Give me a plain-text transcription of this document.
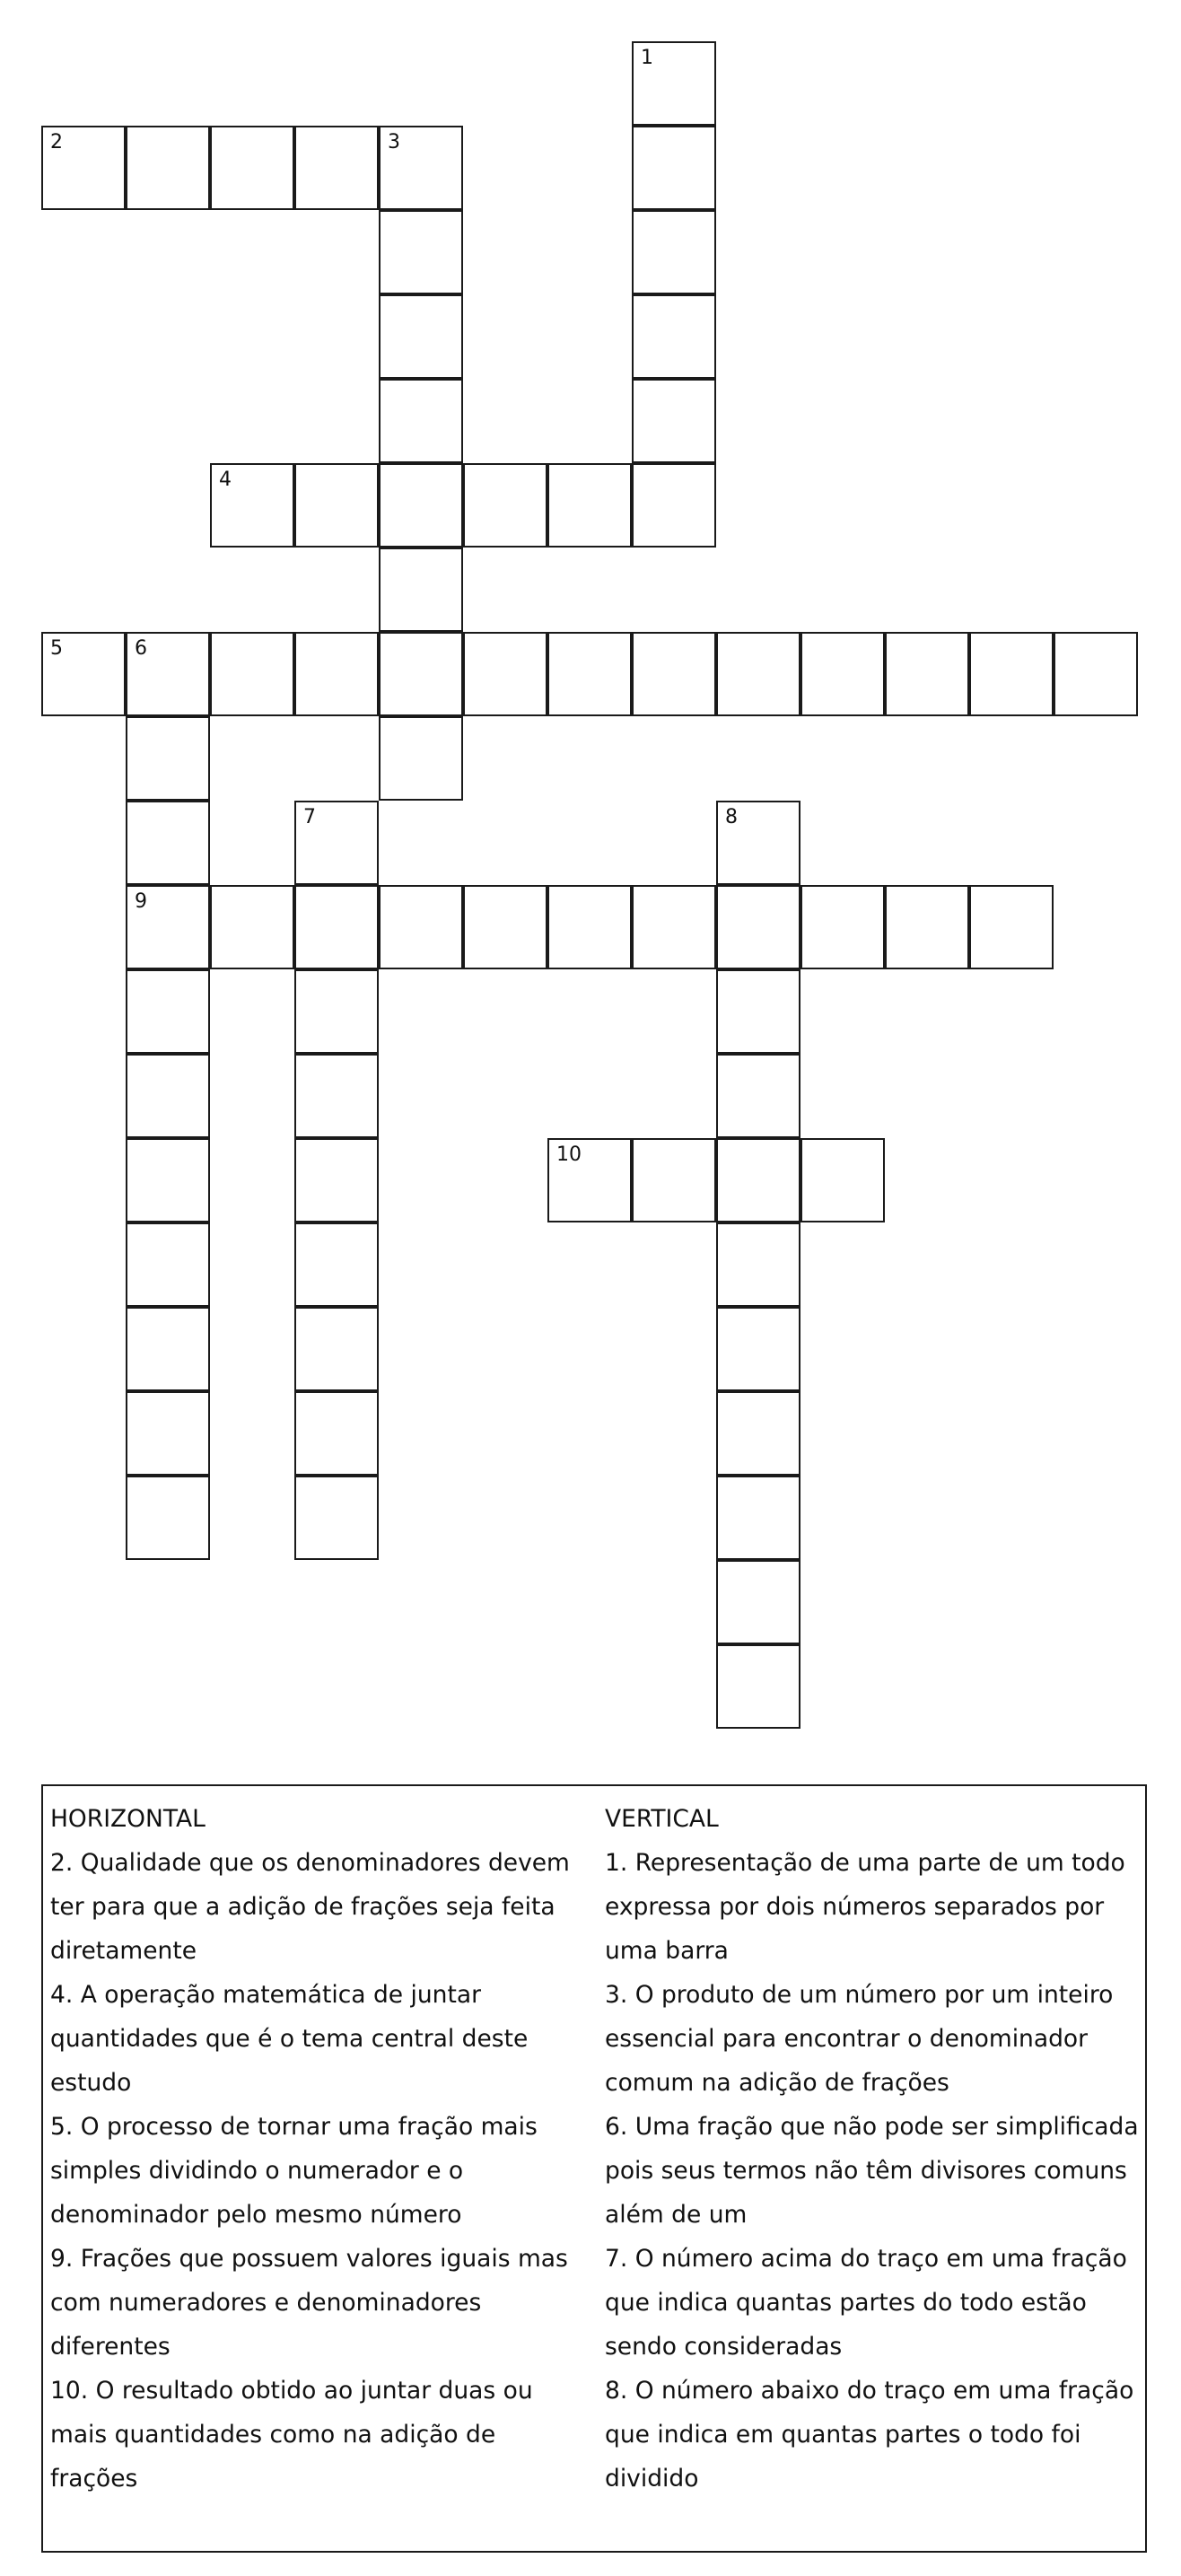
1
2	3
4
5	6
9
7	8
10
HORIZONTAL
2. Qualidade que os denominadores devem
ter para que a adição de frações seja feita
diretamente
4. A operação matemática de juntar
quantidades que é o tema central deste
estudo
5. O processo de tornar uma fração mais
simples dividindo o numerador e o
denominador pelo mesmo número
9. Frações que possuem valores iguais mas
com numeradores e denominadores
diferentes
10. O resultado obtido ao juntar duas ou
mais quantidades como na adição de
frações
VERTICAL
1. Representação de uma parte de um todo
expressa por dois números separados por
uma barra
3. O produto de um número por um inteiro
essencial para encontrar o denominador
comum na adição de frações
6. Uma fração que não pode ser simplificada
pois seus termos não têm divisores comuns
além de um
7. O número acima do traço em uma fração
que indica quantas partes do todo estão
sendo consideradas
8. O número abaixo do traço em uma fração
que indica em quantas partes o todo foi
dividido
